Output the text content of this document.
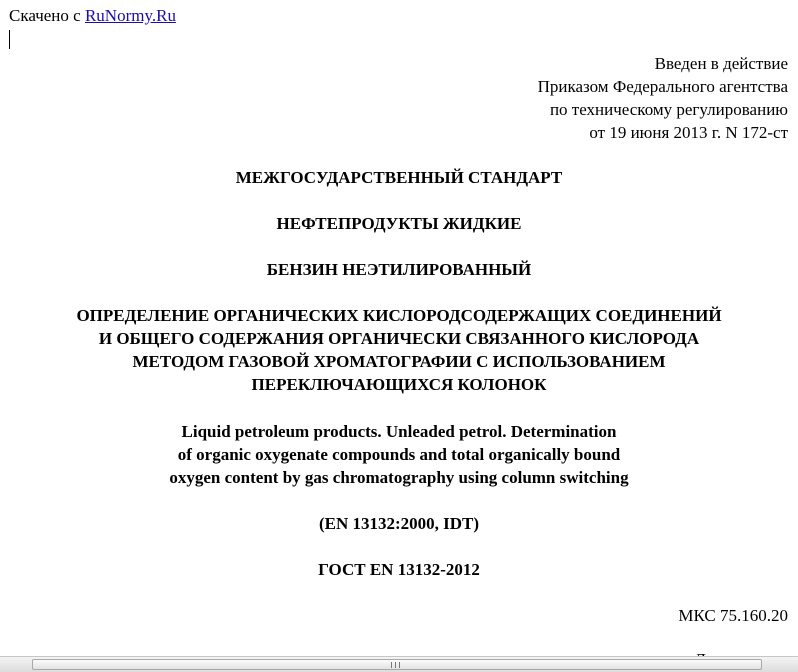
Скачено с RuNormy.Ru
Введен в действие
Приказом Федерального агентства
по техническому регулированию
от 19 июня 2013 г. N 172-ст
МЕЖГОСУДАРСТВЕННЫЙ СТАНДАРТ
НЕФТЕПРОДУКТЫ ЖИДКИЕ
БЕНЗИН НЕЭТИЛИРОВАННЫЙ
ОПРЕДЕЛЕНИЕ ОРГАНИЧЕСКИХ КИСЛОРОДСОДЕРЖАЩИХ СОЕДИНЕНИЙ
И ОБЩЕГО СОДЕРЖАНИЯ ОРГАНИЧЕСКИ СВЯЗАННОГО КИСЛОРОДА
МЕТОДОМ ГАЗОВОЙ ХРОМАТОГРАФИИ С ИСПОЛЬЗОВАНИЕМ
ПЕРЕКЛЮЧАЮЩИХСЯ КОЛОНОК
Liquid petroleum products. Unleaded petrol. Determination
of organic oxygenate compounds and total organically bound
oxygen content by gas chromatography using column switching
(EN 13132:2000, IDT)
ГОСТ EN 13132-2012
МКС 75.160.20
